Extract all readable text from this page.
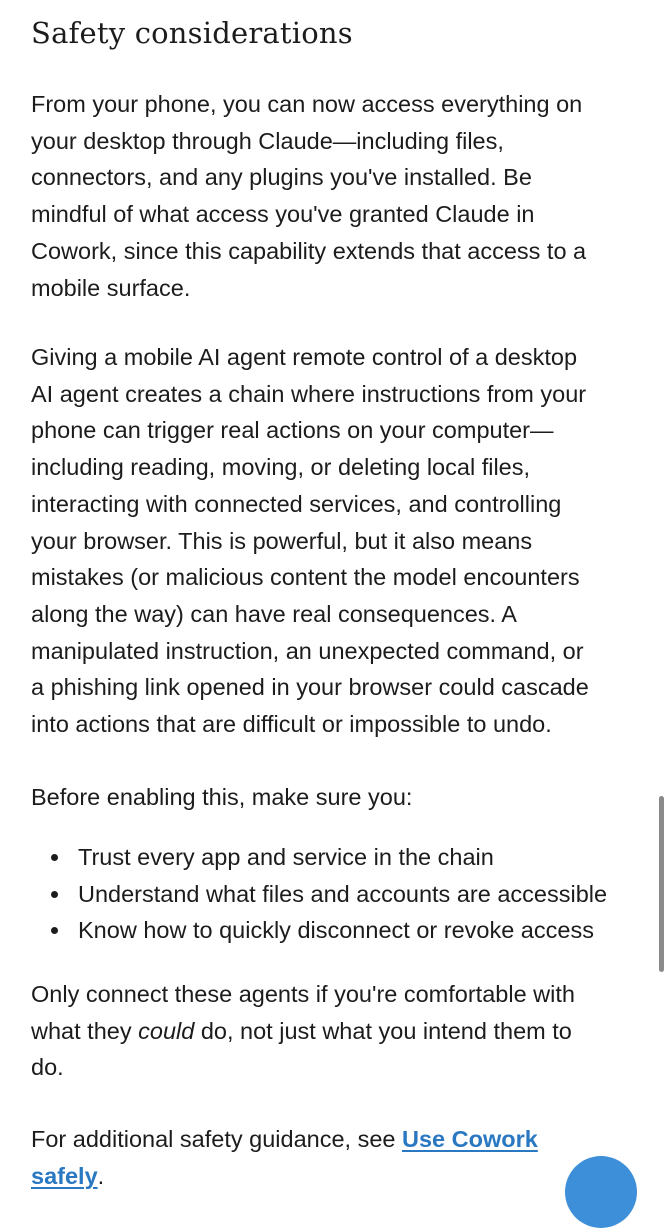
Safety considerations

From your phone, you can now access everything on
your desktop through Claude—including files,
connectors, and any plugins you've installed. Be
mindful of what access you've granted Claude in
Cowork, since this capability extends that access to a
mobile surface.

Giving a mobile AI agent remote control of a desktop
AI agent creates a chain where instructions from your
phone can trigger real actions on your computer—
including reading, moving, or deleting local files,
interacting with connected services, and controlling
your browser. This is powerful, but it also means
mistakes (or malicious content the model encounters
along the way) can have real consequences. A
manipulated instruction, an unexpected command, or
a phishing link opened in your browser could cascade
into actions that are difficult or impossible to undo.

Before enabling this, make sure you:

Trust every app and service in the chain
Understand what files and accounts are accessible
Know how to quickly disconnect or revoke access

Only connect these agents if you're comfortable with
what they could do, not just what you intend them to
do.

For additional safety guidance, see Use Cowork
safely.
